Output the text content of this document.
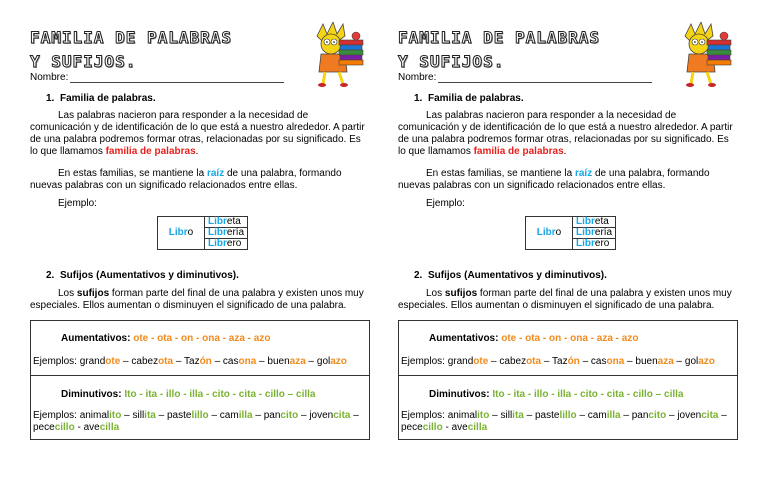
FAMILIA DE PALABRAS
Y SUFIJOS.
Nombre:
1. Familia de palabras.

Las palabras nacieron para responder a la necesidad de comunicación y de identificación de lo que está a nuestro alrededor. A partir de una palabra podremos formar otras, relacionadas por su significado. Es lo que llamamos familia de palabras.

En estas familias, se mantiene la raíz de una palabra, formando nuevas palabras con un significado relacionados entre ellas.

Ejemplo:
Libro	Libreta
Librería
Librero
2. Sufijos (Aumentativos y diminutivos).

Los sufijos forman parte del final de una palabra y existen unos muy especiales. Ellos aumentan o disminuyen el significado de una palabra.

Aumentativos: ote - ota - on - ona - aza - azo

Ejemplos: grandote – cabezota – Tazón – casona – buenaza – golazo

Diminutivos: Ito - ita - illo - illa - cito - cita - cillo – cilla

Ejemplos: animalito – sillita – pastelillo – camilla – pancito – jovencita – pececillo - avecilla

FAMILIA DE PALABRAS
Y SUFIJOS.
Nombre:
1. Familia de palabras.

Las palabras nacieron para responder a la necesidad de comunicación y de identificación de lo que está a nuestro alrededor. A partir de una palabra podremos formar otras, relacionadas por su significado. Es lo que llamamos familia de palabras.

En estas familias, se mantiene la raíz de una palabra, formando nuevas palabras con un significado relacionados entre ellas.

Ejemplo:
Libro	Libreta
Librería
Librero
2. Sufijos (Aumentativos y diminutivos).

Los sufijos forman parte del final de una palabra y existen unos muy especiales. Ellos aumentan o disminuyen el significado de una palabra.

Aumentativos: ote - ota - on - ona - aza - azo

Ejemplos: grandote – cabezota – Tazón – casona – buenaza – golazo

Diminutivos: Ito - ita - illo - illa - cito - cita - cillo – cilla

Ejemplos: animalito – sillita – pastelillo – camilla – pancito – jovencita – pececillo - avecilla
